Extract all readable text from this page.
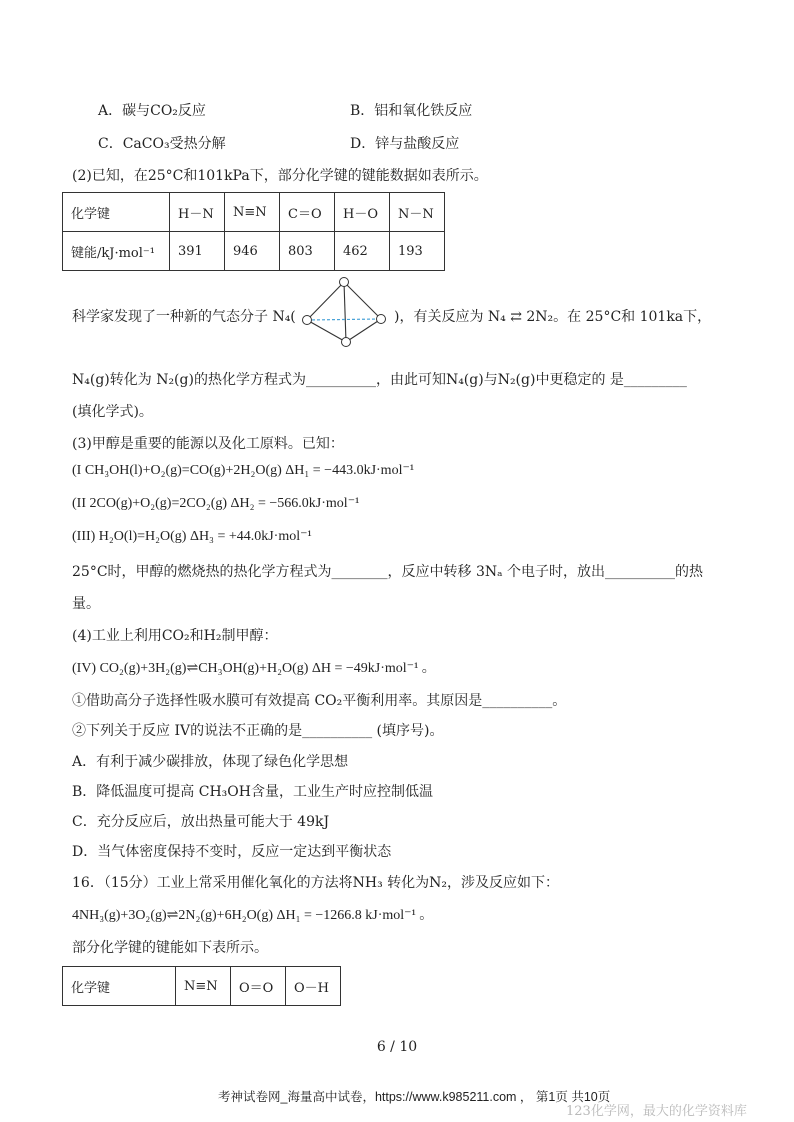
A．碳与CO₂反应	B．铝和氧化铁反应
C．CaCO₃受热分解	D．锌与盐酸反应
(2)已知，在25°C和101kPa下，部分化学键的键能数据如表所示。
化学键	H－N	N≡N	C＝O	H－O	N－N
键能/kJ·mol⁻¹	391	946	803	462	193
科学家发现了一种新的气态分子 N₄(	)，有关反应为 N₄ ⇄ 2N₂。在 25°C和 101ka下，
N₄(g)转化为 N₂(g)的热化学方程式为__________，由此可知N₄(g)与N₂(g)中更稳定的 是_________
(填化学式)。
(3)甲醇是重要的能源以及化工原料。已知：
(I CH₃OH(l)+O₂(g)=CO(g)+2H₂O(g) ΔH₁ = −443.0kJ·mol⁻¹
(II 2CO(g)+O₂(g)=2CO₂(g) ΔH₂ = −566.0kJ·mol⁻¹
(III) H₂O(l)=H₂O(g) ΔH₃ = +44.0kJ·mol⁻¹
25°C时，甲醇的燃烧热的热化学方程式为________，反应中转移 3Nₐ 个电子时，放出__________的热
量。
(4)工业上利用CO₂和H₂制甲醇：
(IV) CO₂(g)+3H₂(g)⇌CH₃OH(g)+H₂O(g) ΔH = −49kJ·mol⁻¹ 。
①借助高分子选择性吸水膜可有效提高 CO₂平衡利用率。其原因是__________。
②下列关于反应 IV的说法不正确的是__________ (填序号)。
A．有利于减少碳排放，体现了绿色化学思想
B．降低温度可提高 CH₃OH含量，工业生产时应控制低温
C．充分反应后，放出热量可能大于 49kJ
D．当气体密度保持不变时，反应一定达到平衡状态
16．（15分）工业上常采用催化氧化的方法将NH₃ 转化为N₂，涉及反应如下：
4NH₃(g)+3O₂(g)⇌2N₂(g)+6H₂O(g) ΔH₁ = −1266.8 kJ·mol⁻¹ 。
部分化学键的键能如下表所示。
化学键	N≡N	O＝O	O－H
6 / 10
考神试卷网_海量高中试卷，https://www.k985211.com ， 第1页 共10页
123化学网，最大的化学资料库
